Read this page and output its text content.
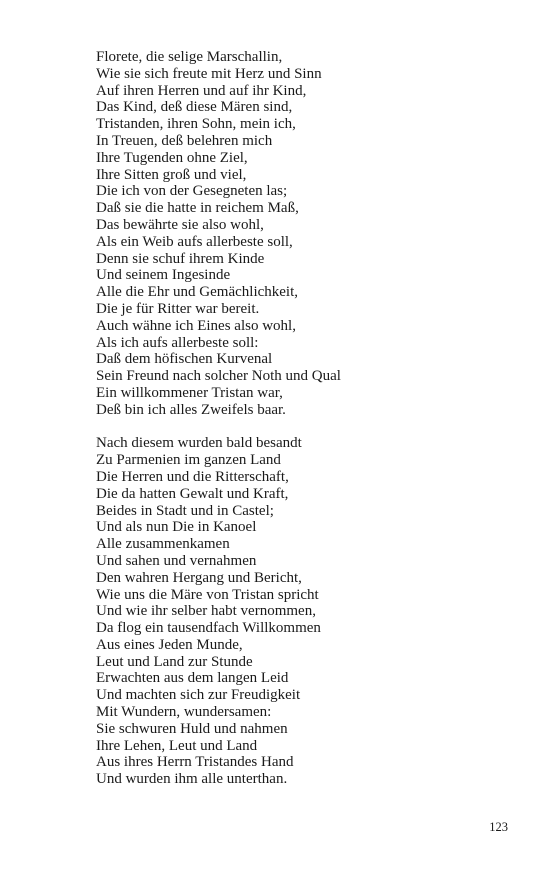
Florete, die selige Marschallin,
Wie sie sich freute mit Herz und Sinn
Auf ihren Herren und auf ihr Kind,
Das Kind, deß diese Mären sind,
Tristanden, ihren Sohn, mein ich,
In Treuen, deß belehren mich
Ihre Tugenden ohne Ziel,
Ihre Sitten groß und viel,
Die ich von der Gesegneten las;
Daß sie die hatte in reichem Maß,
Das bewährte sie also wohl,
Als ein Weib aufs allerbeste soll,
Denn sie schuf ihrem Kinde
Und seinem Ingesinde
Alle die Ehr und Gemächlichkeit,
Die je für Ritter war bereit.
Auch wähne ich Eines also wohl,
Als ich aufs allerbeste soll:
Daß dem höfischen Kurvenal
Sein Freund nach solcher Noth und Qual
Ein willkommener Tristan war,
Deß bin ich alles Zweifels baar.
Nach diesem wurden bald besandt
Zu Parmenien im ganzen Land
Die Herren und die Ritterschaft,
Die da hatten Gewalt und Kraft,
Beides in Stadt und in Castel;
Und als nun Die in Kanoel
Alle zusammenkamen
Und sahen und vernahmen
Den wahren Hergang und Bericht,
Wie uns die Märe von Tristan spricht
Und wie ihr selber habt vernommen,
Da flog ein tausendfach Willkommen
Aus eines Jeden Munde,
Leut und Land zur Stunde
Erwachten aus dem langen Leid
Und machten sich zur Freudigkeit
Mit Wundern, wundersamen:
Sie schwuren Huld und nahmen
Ihre Lehen, Leut und Land
Aus ihres Herrn Tristandes Hand
Und wurden ihm alle unterthan.
123
